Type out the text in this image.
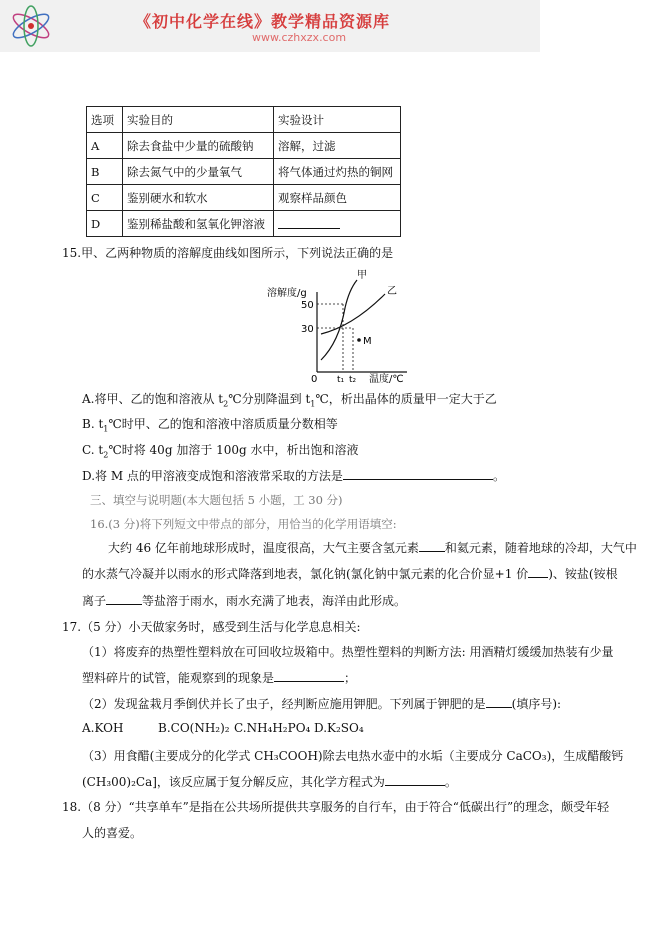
《初中化学在线》教学精品资源库
www.czhxzx.com
选项	实验目的	实验设计
A	除去食盐中少量的硫酸钠	溶解，过滤
B	除去氮气中的少量氧气	将气体通过灼热的铜网
C	鉴别硬水和软水	观察样品颜色
D	鉴别稀盐酸和氢氧化钾溶液	
15.甲、乙两种物质的溶解度曲线如图所示，下列说法正确的是
溶解度/g
50
30
0 t₁ t₂ 温度/℃
甲
乙
M
A.将甲、乙的饱和溶液从 $t_2℃$分别降温到 $t_1℃$，析出晶体的质量甲一定大于乙
B. $t_1℃$时甲、乙的饱和溶液中溶质质量分数相等
C. $t_2℃$时将 40g 加溶于 100g 水中，析出饱和溶液
D.将 M 点的甲溶液变成饱和溶液常采取的方法是	。
三、填空与说明题(本大题包括 5 小题，工 30 分)
16.(3 分)将下列短文中带点的部分，用恰当的化学用语填空:
大约 46 亿年前地球形成时，温度很高，大气主要含氢元素 和氦元素，随着地球的冷却，大气中
的水蒸气冷凝并以雨水的形式降落到地表，氯化钠(氯化钠中氯元素的化合价显+1 价 )、铵盐(铵根
离子	等盐溶于雨水，雨水充满了地表，海洋由此形成。
17.（5 分）小天做家务时，感受到生活与化学息息相关:
（1）将废弃的热塑性塑料放在可回收垃圾箱中。热塑性塑料的判断方法: 用酒精灯缓缓加热装有少量
塑料碎片的试管，能观察到的现象是	；
（2）发现盆栽月季倒伏并长了虫子，经判断应施用钾肥。下列属于钾肥的是 (填序号):
A.KOH	B.CO(NH₂)₂ C.NH₄H₂PO₄ D.K₂SO₄
（3）用食醋(主要成分的化学式 CH₃COOH)除去电热水壶中的水垢（主要成分 CaCO₃)，生成醋酸钙
(CH₃00)₂Ca]，该反应属于复分解反应，其化学方程式为	。
18.（8 分）“共享单车”是指在公共场所提供共享服务的自行车，由于符合“低碳出行”的理念，颇受年轻
人的喜爱。
